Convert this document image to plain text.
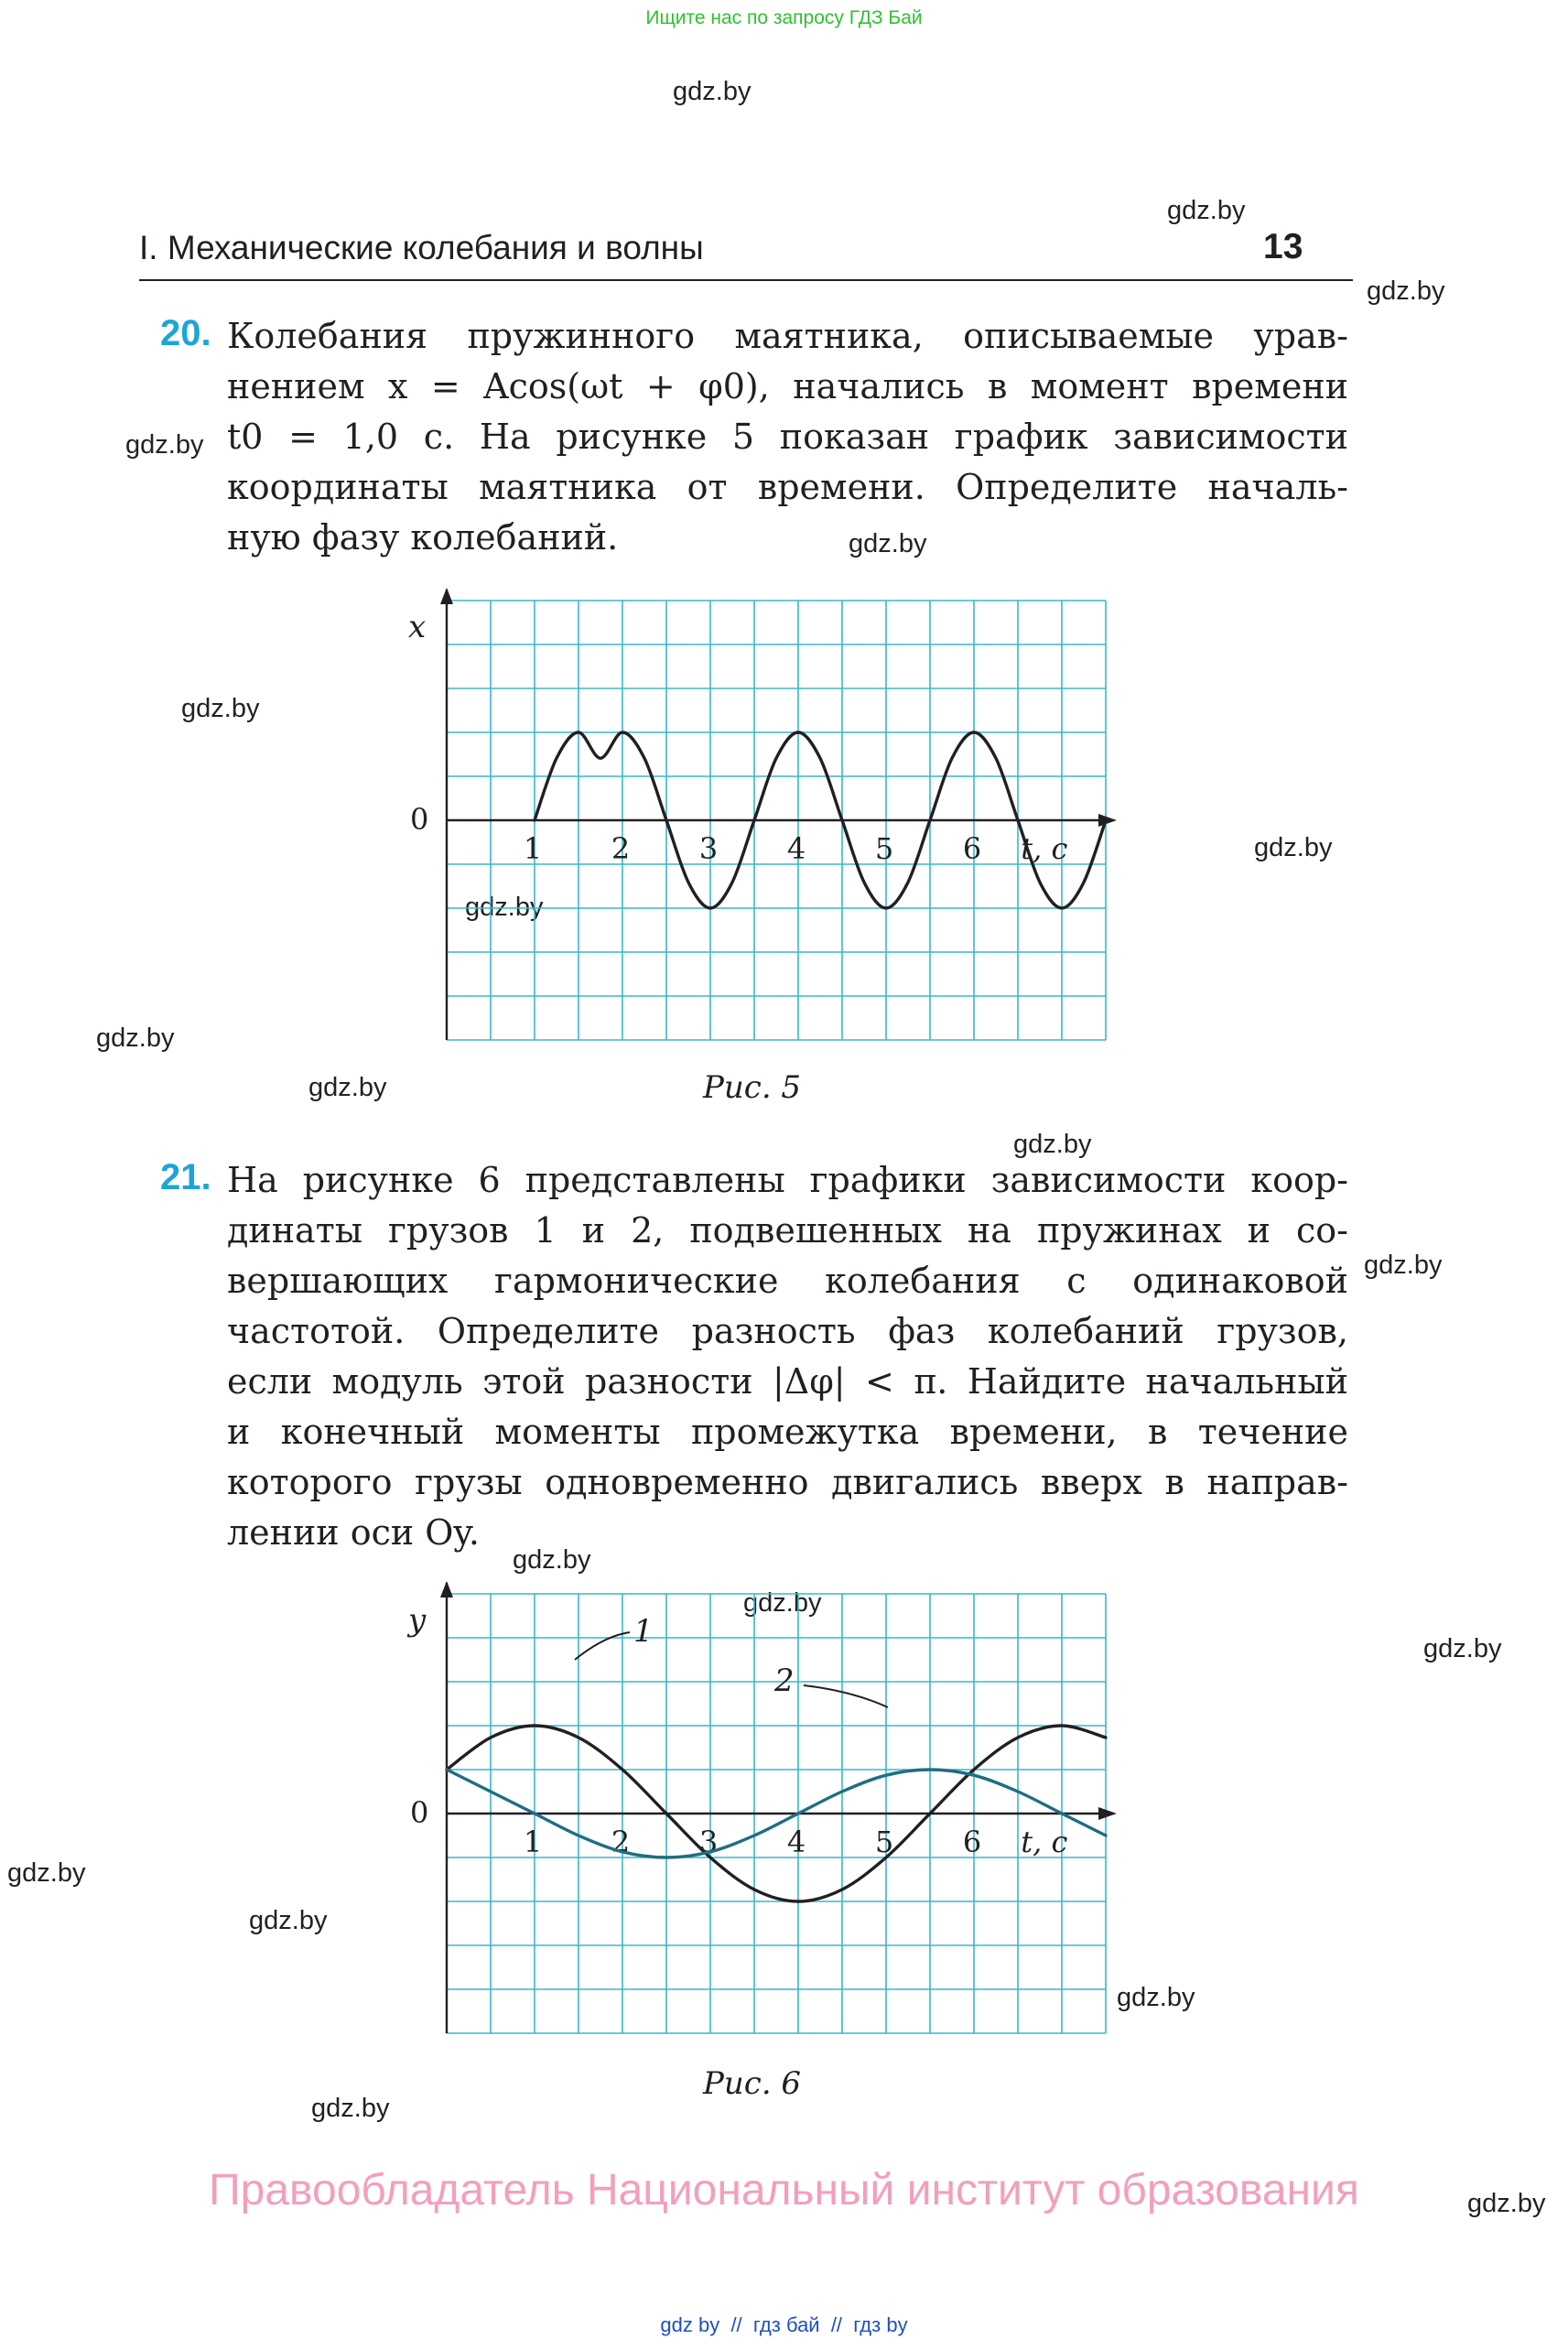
Ищите нас по запросу ГДЗ Бай
gdz.by
gdz.by
gdz.by
gdz.by
gdz.by
gdz.by
gdz.by
gdz.by
gdz.by
gdz.by
gdz.by
gdz.by
gdz.by
gdz.by
gdz.by
gdz.by
gdz.by
gdz.by
gdz.by
gdz.by
I. Механические колебания и волны	13
20. Колебания пружинного маятника, описываемые урав-
нением x = Acos(ωt + φ0), начались в момент времени
t0 = 1,0 с. На рисунке 5 показан график зависимости
координаты маятника от времени. Определите началь-
ную фазу колебаний.
x
0
1 2 3 4 5 6 t, с
Рис. 5
21. На рисунке 6 представлены графики зависимости коор-
динаты грузов 1 и 2, подвешенных на пружинах и со-
вершающих гармонические колебания с одинаковой
частотой. Определите разность фаз колебаний грузов,
если модуль этой разности |Δφ| < π. Найдите начальный
и конечный моменты промежутка времени, в течение
которого грузы одновременно двигались вверх в направ-
лении оси Oy.
y
0
1 2 3 4 5 6 t, с
1
2
Рис. 6
Правообладатель Национальный институт образования
gdz by  //  гдз бай  //  гдз by
